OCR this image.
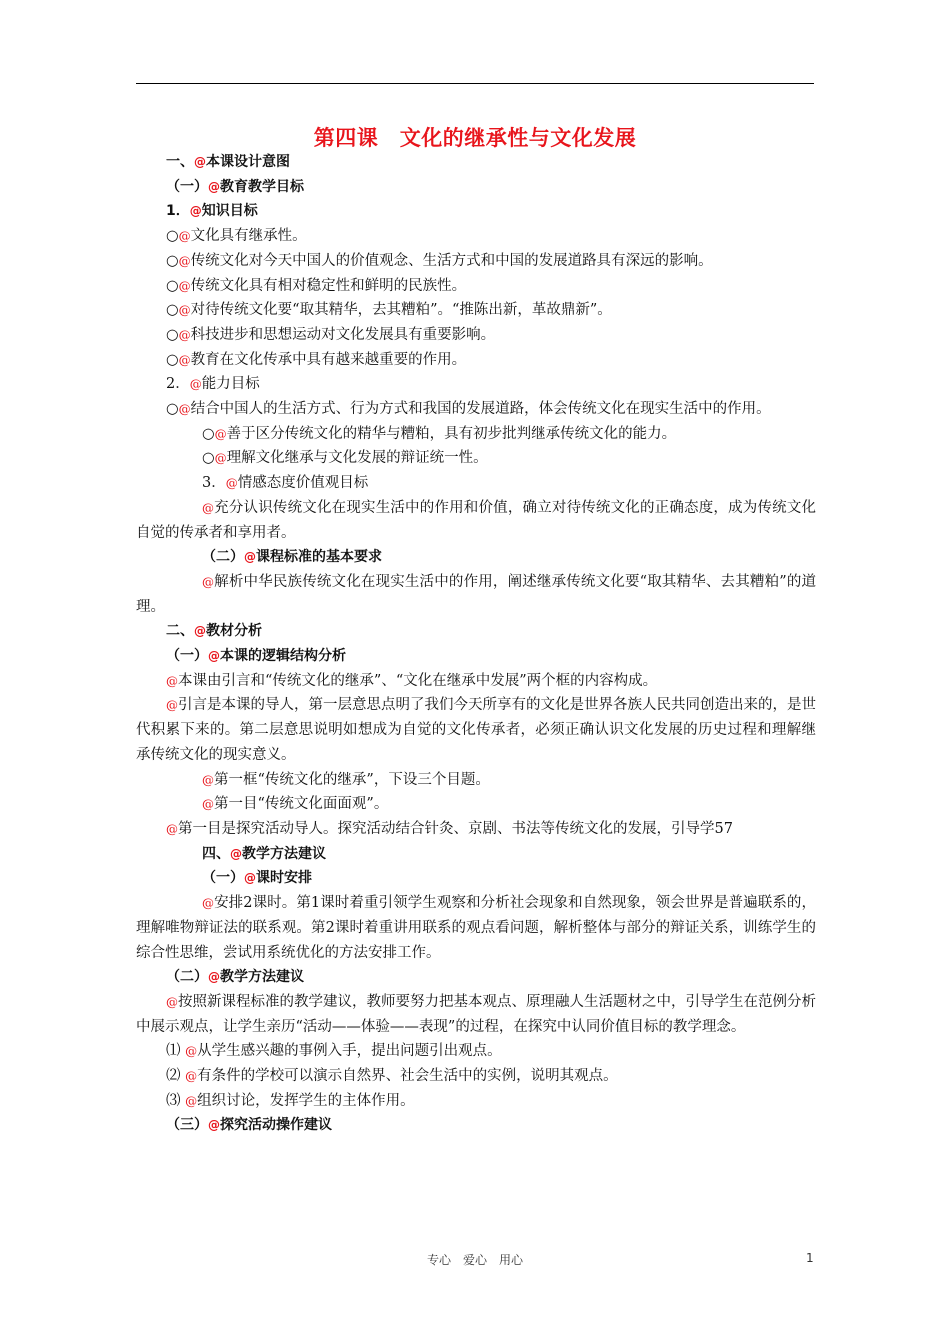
第四课　文化的继承性与文化发展

一、@本课设计意图

（一）@教育教学目标

1．@知识目标

○@文化具有继承性。

○@传统文化对今天中国人的价值观念、生活方式和中国的发展道路具有深远的影响。

○@传统文化具有相对稳定性和鲜明的民族性。

○@对待传统文化要“取其精华，去其糟粕”。“推陈出新，革故鼎新”。

○@科技进步和思想运动对文化发展具有重要影响。

○@教育在文化传承中具有越来越重要的作用。

2．@能力目标

○@结合中国人的生活方式、行为方式和我国的发展道路，体会传统文化在现实生活中的作用。

○@善于区分传统文化的精华与糟粕，具有初步批判继承传统文化的能力。

○@理解文化继承与文化发展的辩证统一性。

3．@情感态度价值观目标

@充分认识传统文化在现实生活中的作用和价值，确立对待传统文化的正确态度，成为传统文化自觉的传承者和享用者。

（二）@课程标准的基本要求

@解析中华民族传统文化在现实生活中的作用，阐述继承传统文化要“取其精华、去其糟粕”的道理。

二、@教材分析

（一）@本课的逻辑结构分析

@本课由引言和“传统文化的继承”、“文化在继承中发展”两个框的内容构成。

@引言是本课的导人，第一层意思点明了我们今天所享有的文化是世界各族人民共同创造出来的，是世代积累下来的。第二层意思说明如想成为自觉的文化传承者，必须正确认识文化发展的历史过程和理解继承传统文化的现实意义。

@第一框“传统文化的继承”，下设三个目题。

@第一目“传统文化面面观”。

@第一目是探究活动导人。探究活动结合针灸、京剧、书法等传统文化的发展，引导学57

四、@教学方法建议

（一）@课时安排

@安排2课时。第1课时着重引领学生观察和分析社会现象和自然现象，领会世界是普遍联系的，理解唯物辩证法的联系观。第2课时着重讲用联系的观点看问题，解析整体与部分的辩证关系，训练学生的综合性思维，尝试用系统优化的方法安排工作。

（二）@教学方法建议

@按照新课程标准的教学建议，教师要努力把基本观点、原理融人生活题材之中，引导学生在范例分析中展示观点，让学生亲历“活动——体验——表现”的过程，在探究中认同价值目标的教学理念。

⑴ @从学生感兴趣的事例入手，提出问题引出观点。

⑵ @有条件的学校可以演示自然界、社会生活中的实例，说明其观点。

⑶ @组织讨论，发挥学生的主体作用。

（三）@探究活动操作建议

专心　爱心　用心	1
